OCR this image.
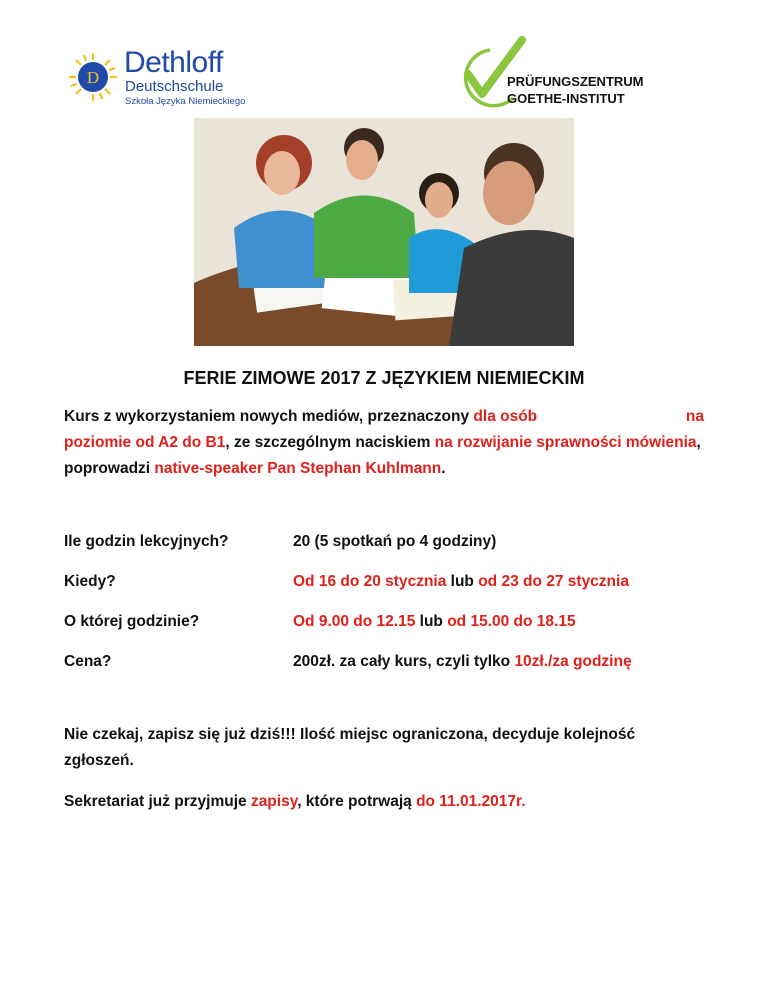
D Dethloff
Deutschschule
Szkoła Języka Niemieckiego
PRÜFUNGSZENTRUM
GOETHE-INSTITUT
FERIE ZIMOWE 2017 Z JĘZYKIEM NIEMIECKIM
Kurs z wykorzystaniem nowych mediów, przeznaczony dla osób	na

poziomie od A2 do B1, ze szczególnym naciskiem na rozwijanie sprawności mówienia, poprowadzi native-speaker Pan Stephan Kuhlmann.

Ile godzin lekcyjnych?	20 (5 spotkań po 4 godziny)
Kiedy?	Od 16 do 20 stycznia lub od 23 do 27 stycznia
O której godzinie?	Od 9.00 do 12.15 lub od 15.00 do 18.15
Cena?	200zł. za cały kurs, czyli tylko 10zł./za godzinę

Nie czekaj, zapisz się już dziś!!! Ilość miejsc ograniczona, decyduje kolejność zgłoszeń.

Sekretariat już przyjmuje zapisy, które potrwają do 11.01.2017r.
